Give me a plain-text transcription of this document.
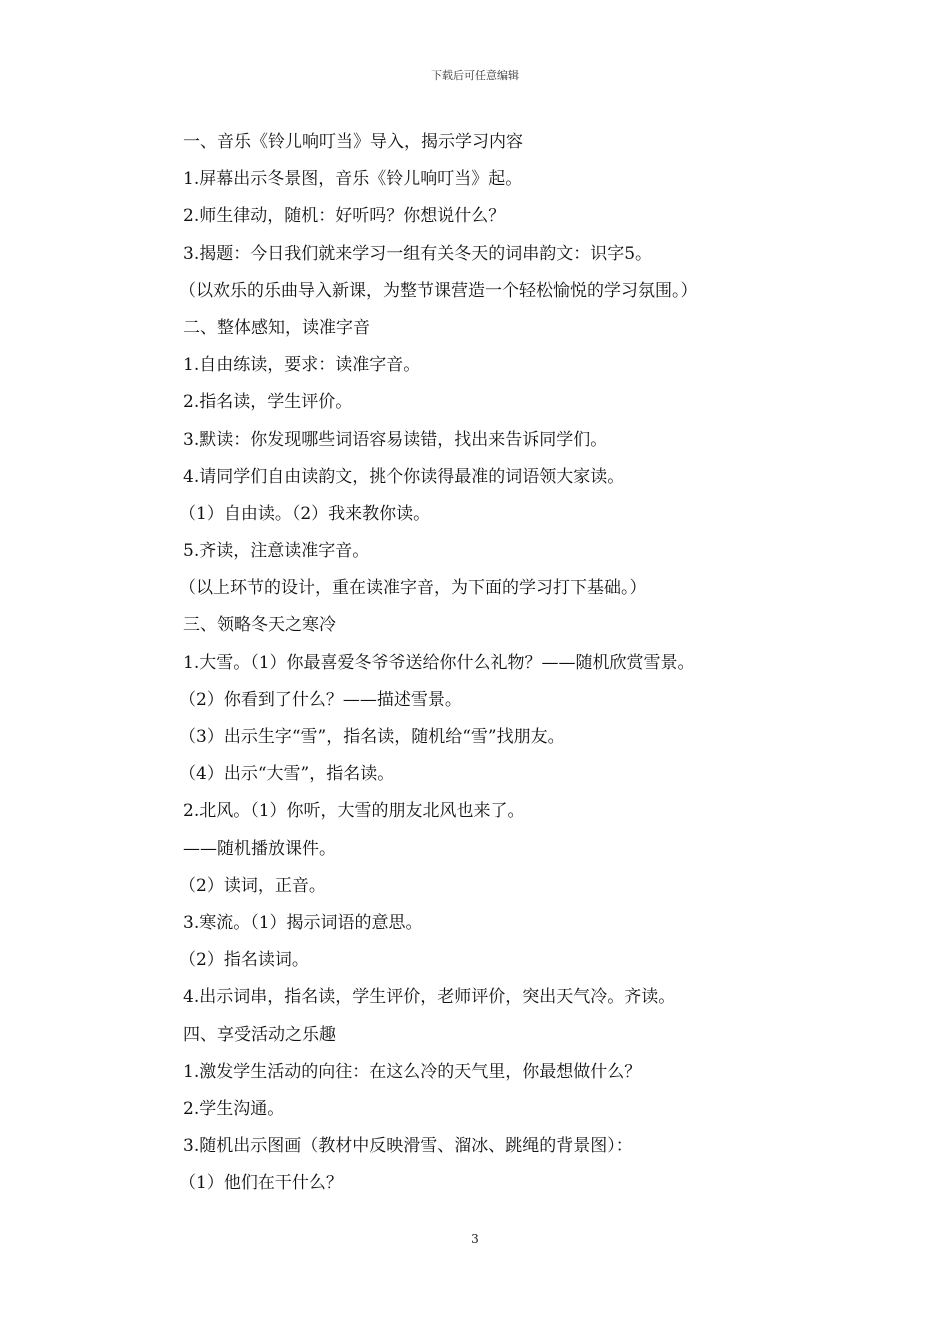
下载后可任意编辑
一、音乐《铃儿响叮当》导入，揭示学习内容
1.屏幕出示冬景图，音乐《铃儿响叮当》起。
2.师生律动，随机：好听吗？你想说什么？
3.揭题：今日我们就来学习一组有关冬天的词串韵文：识字5。
（以欢乐的乐曲导入新课，为整节课营造一个轻松愉悦的学习氛围。）
二、整体感知，读准字音
1.自由练读，要求：读准字音。
2.指名读，学生评价。
3.默读：你发现哪些词语容易读错，找出来告诉同学们。
4.请同学们自由读韵文，挑个你读得最准的词语领大家读。
（1）自由读。（2）我来教你读。
5.齐读，注意读准字音。
（以上环节的设计，重在读准字音，为下面的学习打下基础。）
三、领略冬天之寒冷
1.大雪。（1）你最喜爱冬爷爷送给你什么礼物？——随机欣赏雪景。
（2）你看到了什么？——描述雪景。
（3）出示生字“雪”，指名读，随机给“雪”找朋友。
（4）出示“大雪”，指名读。
2.北风。（1）你听，大雪的朋友北风也来了。
——随机播放课件。
（2）读词，正音。
3.寒流。（1）揭示词语的意思。
（2）指名读词。
4.出示词串，指名读，学生评价，老师评价，突出天气冷。齐读。
四、享受活动之乐趣
1.激发学生活动的向往：在这么冷的天气里，你最想做什么？
2.学生沟通。
3.随机出示图画（教材中反映滑雪、溜冰、跳绳的背景图）：
（1）他们在干什么？
3
